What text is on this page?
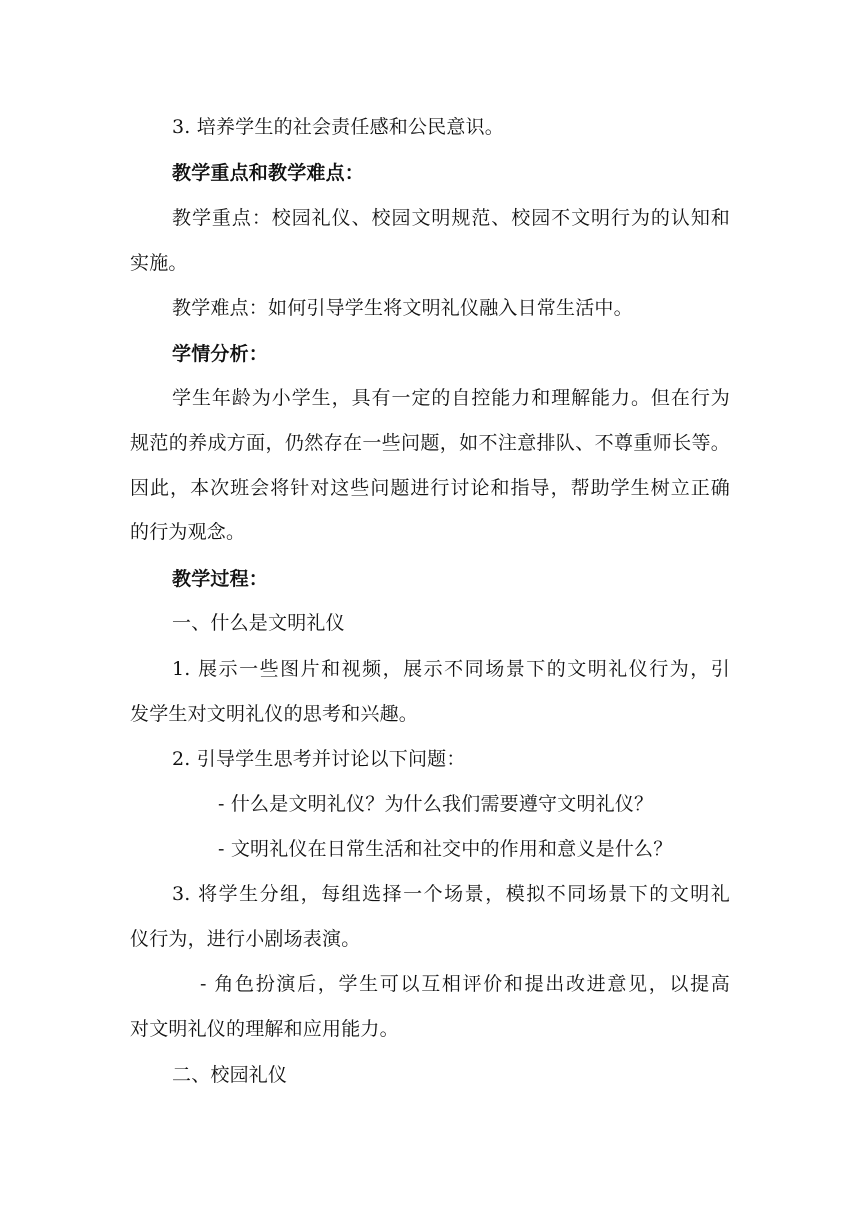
3. 培养学生的社会责任感和公民意识。
教学重点和教学难点：
教学重点：校园礼仪、校园文明规范、校园不文明行为的认知和
实施。
教学难点：如何引导学生将文明礼仪融入日常生活中。
学情分析：
学生年龄为小学生，具有一定的自控能力和理解能力。但在行为
规范的养成方面，仍然存在一些问题，如不注意排队、不尊重师长等。
因此，本次班会将针对这些问题进行讨论和指导，帮助学生树立正确
的行为观念。
教学过程：
一、什么是文明礼仪
1. 展示一些图片和视频，展示不同场景下的文明礼仪行为，引
发学生对文明礼仪的思考和兴趣。
2. 引导学生思考并讨论以下问题：
- 什么是文明礼仪？为什么我们需要遵守文明礼仪？
- 文明礼仪在日常生活和社交中的作用和意义是什么？
3. 将学生分组，每组选择一个场景，模拟不同场景下的文明礼
仪行为，进行小剧场表演。
- 角色扮演后，学生可以互相评价和提出改进意见，以提高
对文明礼仪的理解和应用能力。
二、校园礼仪
